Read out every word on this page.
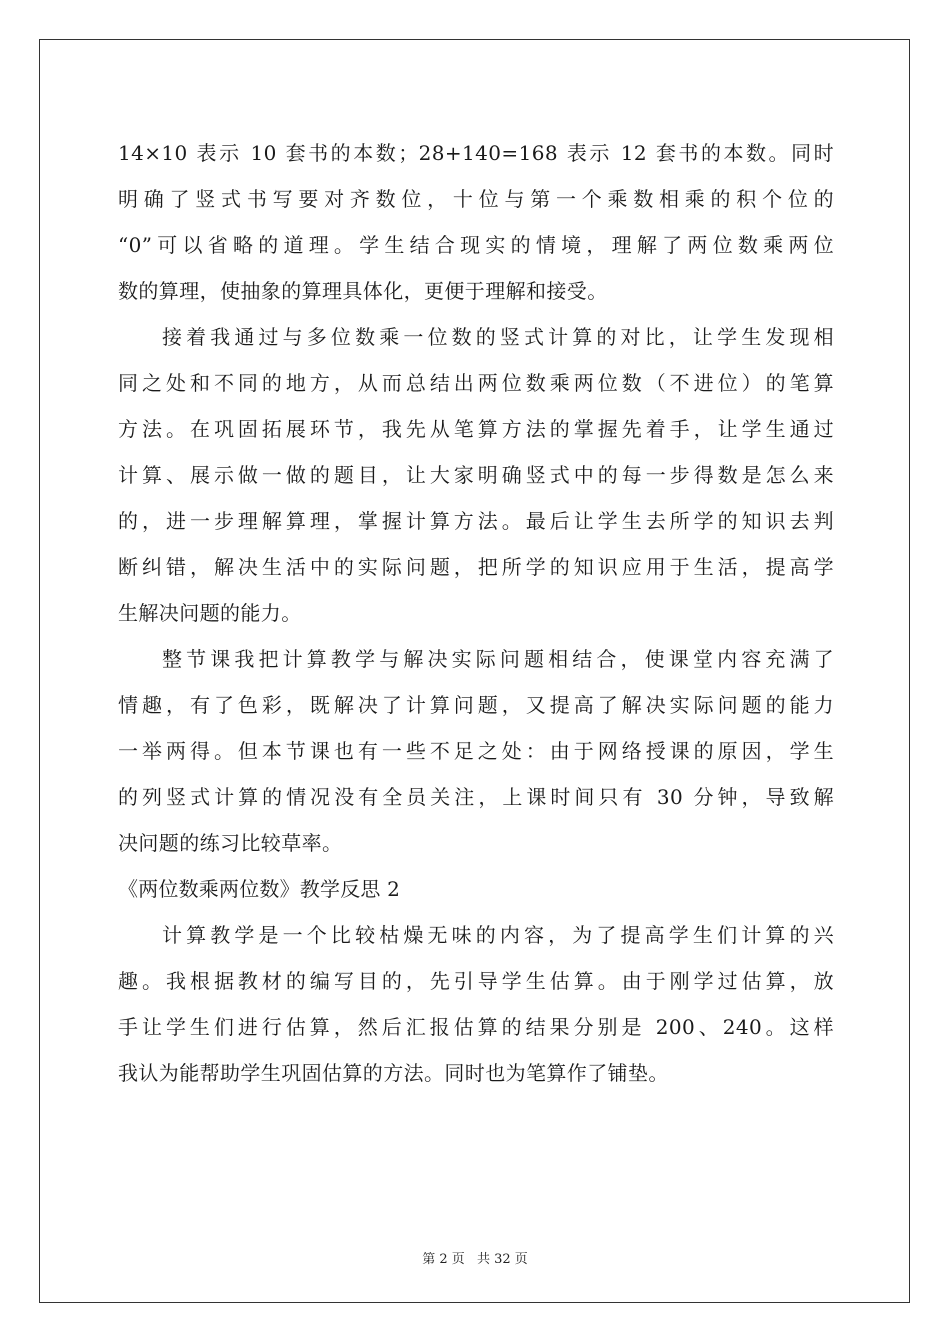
14×10 表示 10 套书的本数；28+140=168 表示 12 套书的本数。同时
明确了竖式书写要对齐数位，十位与第一个乘数相乘的积个位的
“0”可以省略的道理。学生结合现实的情境，理解了两位数乘两位
数的算理，使抽象的算理具体化，更便于理解和接受。
接着我通过与多位数乘一位数的竖式计算的对比，让学生发现相
同之处和不同的地方，从而总结出两位数乘两位数（不进位）的笔算
方法。在巩固拓展环节，我先从笔算方法的掌握先着手，让学生通过
计算、展示做一做的题目，让大家明确竖式中的每一步得数是怎么来
的，进一步理解算理，掌握计算方法。最后让学生去所学的知识去判
断纠错，解决生活中的实际问题，把所学的知识应用于生活，提高学
生解决问题的能力。
整节课我把计算教学与解决实际问题相结合，使课堂内容充满了
情趣，有了色彩，既解决了计算问题，又提高了解决实际问题的能力
一举两得。但本节课也有一些不足之处：由于网络授课的原因，学生
的列竖式计算的情况没有全员关注，上课时间只有 30 分钟，导致解
决问题的练习比较草率。
《两位数乘两位数》教学反思 2
计算教学是一个比较枯燥无味的内容，为了提高学生们计算的兴
趣。我根据教材的编写目的，先引导学生估算。由于刚学过估算，放
手让学生们进行估算，然后汇报估算的结果分别是 200、240。这样
我认为能帮助学生巩固估算的方法。同时也为笔算作了铺垫。
第 2 页 共 32 页
